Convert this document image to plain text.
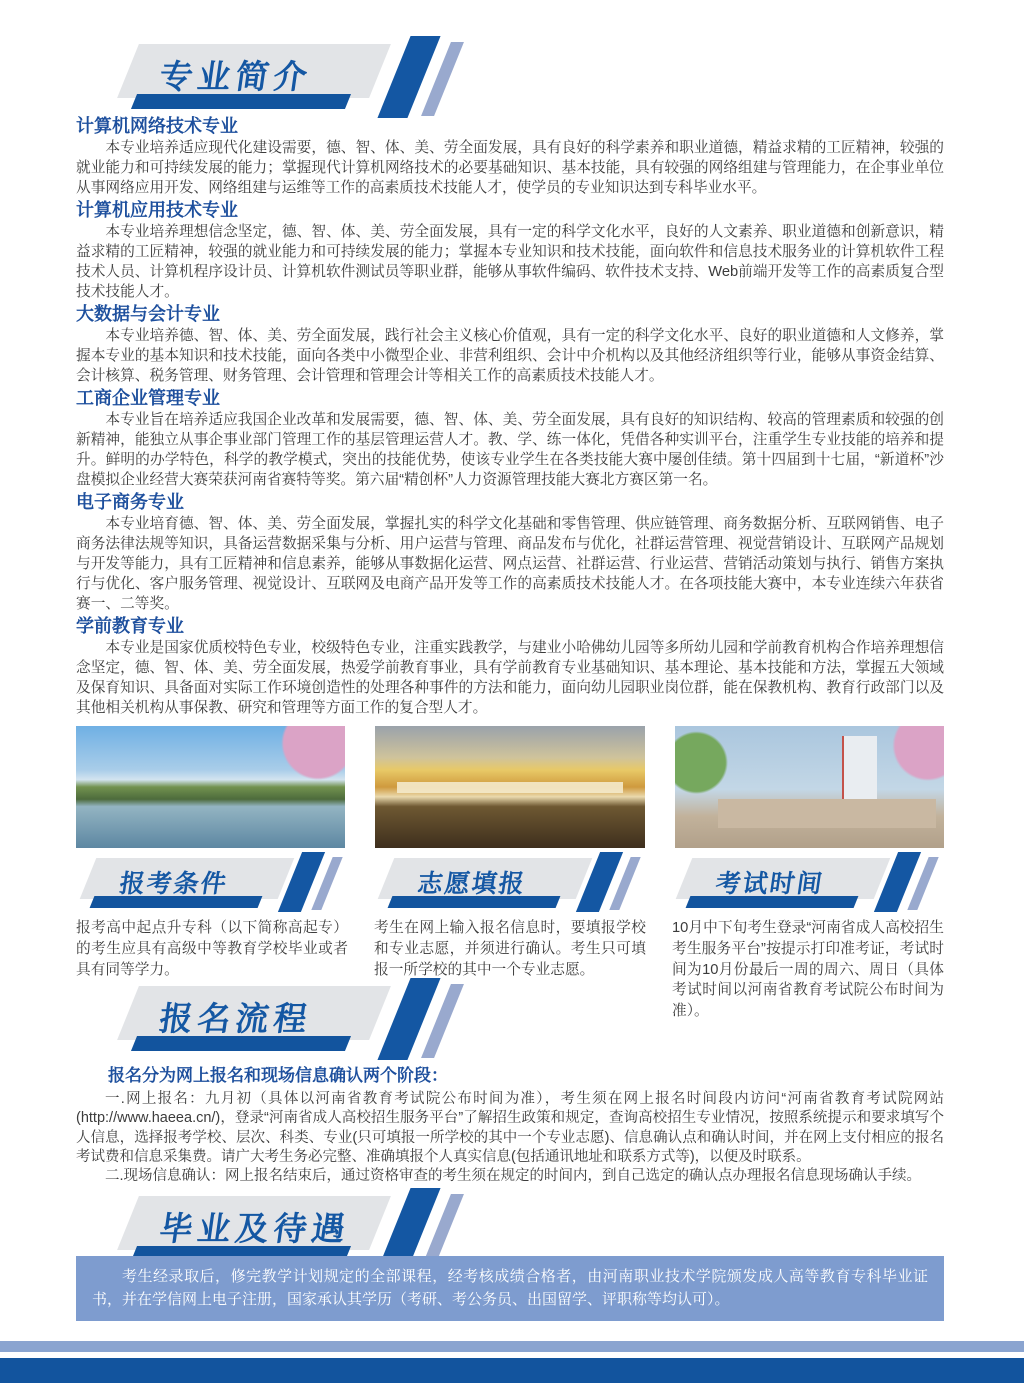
专业简介
计算机网络技术专业

本专业培养适应现代化建设需要，德、智、体、美、劳全面发展，具有良好的科学素养和职业道德，精益求精的工匠精神，较强的就业能力和可持续发展的能力；掌握现代计算机网络技术的必要基础知识、基本技能，具有较强的网络组建与管理能力，在企事业单位从事网络应用开发、网络组建与运维等工作的高素质技术技能人才，使学员的专业知识达到专科毕业水平。

计算机应用技术专业

本专业培养理想信念坚定，德、智、体、美、劳全面发展，具有一定的科学文化水平，良好的人文素养、职业道德和创新意识，精益求精的工匠精神，较强的就业能力和可持续发展的能力；掌握本专业知识和技术技能，面向软件和信息技术服务业的计算机软件工程技术人员、计算机程序设计员、计算机软件测试员等职业群，能够从事软件编码、软件技术支持、Web前端开发等工作的高素质复合型技术技能人才。

大数据与会计专业

本专业培养德、智、体、美、劳全面发展，践行社会主义核心价值观，具有一定的科学文化水平、良好的职业道德和人文修养，掌握本专业的基本知识和技术技能，面向各类中小微型企业、非营利组织、会计中介机构以及其他经济组织等行业，能够从事资金结算、会计核算、税务管理、财务管理、会计管理和管理会计等相关工作的高素质技术技能人才。

工商企业管理专业

本专业旨在培养适应我国企业改革和发展需要，德、智、体、美、劳全面发展，具有良好的知识结构、较高的管理素质和较强的创新精神，能独立从事企事业部门管理工作的基层管理运营人才。教、学、练一体化，凭借各种实训平台，注重学生专业技能的培养和提升。鲜明的办学特色，科学的教学模式，突出的技能优势，使该专业学生在各类技能大赛中屡创佳绩。第十四届到十七届，“新道杯”沙盘模拟企业经营大赛荣获河南省赛特等奖。第六届“精创杯”人力资源管理技能大赛北方赛区第一名。

电子商务专业

本专业培育德、智、体、美、劳全面发展，掌握扎实的科学文化基础和零售管理、供应链管理、商务数据分析、互联网销售、电子商务法律法规等知识，具备运营数据采集与分析、用户运营与管理、商品发布与优化，社群运营管理、视觉营销设计、互联网产品规划与开发等能力，具有工匠精神和信息素养，能够从事数据化运营、网点运营、社群运营、行业运营、营销活动策划与执行、销售方案执行与优化、客户服务管理、视觉设计、互联网及电商产品开发等工作的高素质技术技能人才。在各项技能大赛中，本专业连续六年获省赛一、二等奖。

学前教育专业

本专业是国家优质校特色专业，校级特色专业，注重实践教学，与建业小哈佛幼儿园等多所幼儿园和学前教育机构合作培养理想信念坚定，德、智、体、美、劳全面发展，热爱学前教育事业，具有学前教育专业基础知识、基本理论、基本技能和方法，掌握五大领域及保育知识、具备面对实际工作环境创造性的处理各种事件的方法和能力，面向幼儿园职业岗位群，能在保教机构、教育行政部门以及其他相关机构从事保教、研究和管理等方面工作的复合型人才。

报考条件

报考高中起点升专科（以下简称高起专）的考生应具有高级中等教育学校毕业或者具有同等学力。

志愿填报

考生在网上输入报名信息时，要填报学校和专业志愿，并须进行确认。考生只可填报一所学校的其中一个专业志愿。

考试时间

10月中下旬考生登录“河南省成人高校招生考生服务平台”按提示打印准考证，考试时间为10月份最后一周的周六、周日（具体考试时间以河南省教育考试院公布时间为准）。

报名流程
报名分为网上报名和现场信息确认两个阶段：

一.网上报名：九月初（具体以河南省教育考试院公布时间为准），考生须在网上报名时间段内访问“河南省教育考试院网站(http://www.haeea.cn/)，登录“河南省成人高校招生服务平台”了解招生政策和规定，查询高校招生专业情况，按照系统提示和要求填写个人信息，选择报考学校、层次、科类、专业(只可填报一所学校的其中一个专业志愿)、信息确认点和确认时间，并在网上支付相应的报名考试费和信息采集费。请广大考生务必完整、准确填报个人真实信息(包括通讯地址和联系方式等)，以便及时联系。

二.现场信息确认：网上报名结束后，通过资格审查的考生须在规定的时间内，到自己选定的确认点办理报名信息现场确认手续。

毕业及待遇

考生经录取后，修完教学计划规定的全部课程，经考核成绩合格者，由河南职业技术学院颁发成人高等教育专科毕业证书，并在学信网上电子注册，国家承认其学历（考研、考公务员、出国留学、评职称等均认可）。
